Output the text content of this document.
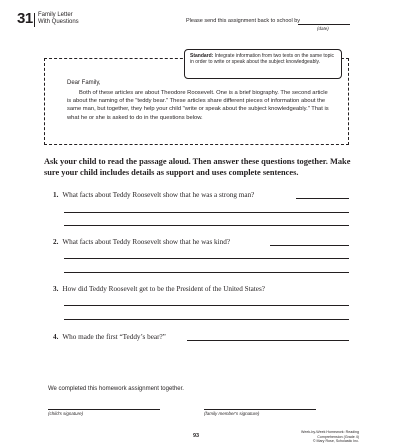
31 Family Letter
With Questions	Please send this assignment back to school by
(date)
Standard: Integrate information from two texts on the same topic in order to write or speak about the subject knowledgeably.
Dear Family,
Both of these articles are about Theodore Roosevelt. One is a brief biography. The second article is about the naming of the "teddy bear." These articles share different pieces of information about the same man, but together, they help your child "write or speak about the subject knowledgeably." That is what he or she is asked to do in the questions below.
Ask your child to read the passage aloud. Then answer these questions together. Make sure your child includes details as support and uses complete sentences.
1. What facts about Teddy Roosevelt show that he was a strong man?
2. What facts about Teddy Roosevelt show that he was kind?
3. How did Teddy Roosevelt get to be the President of the United States?
4. Who made the first “Teddy’s bear?”
We completed this homework assignment together.
(child's signature)	(family member's signature)
93
Week-by-Week Homework: Reading Comprehension (Grade 4)
© Mary Rose, Scholastic Inc.
